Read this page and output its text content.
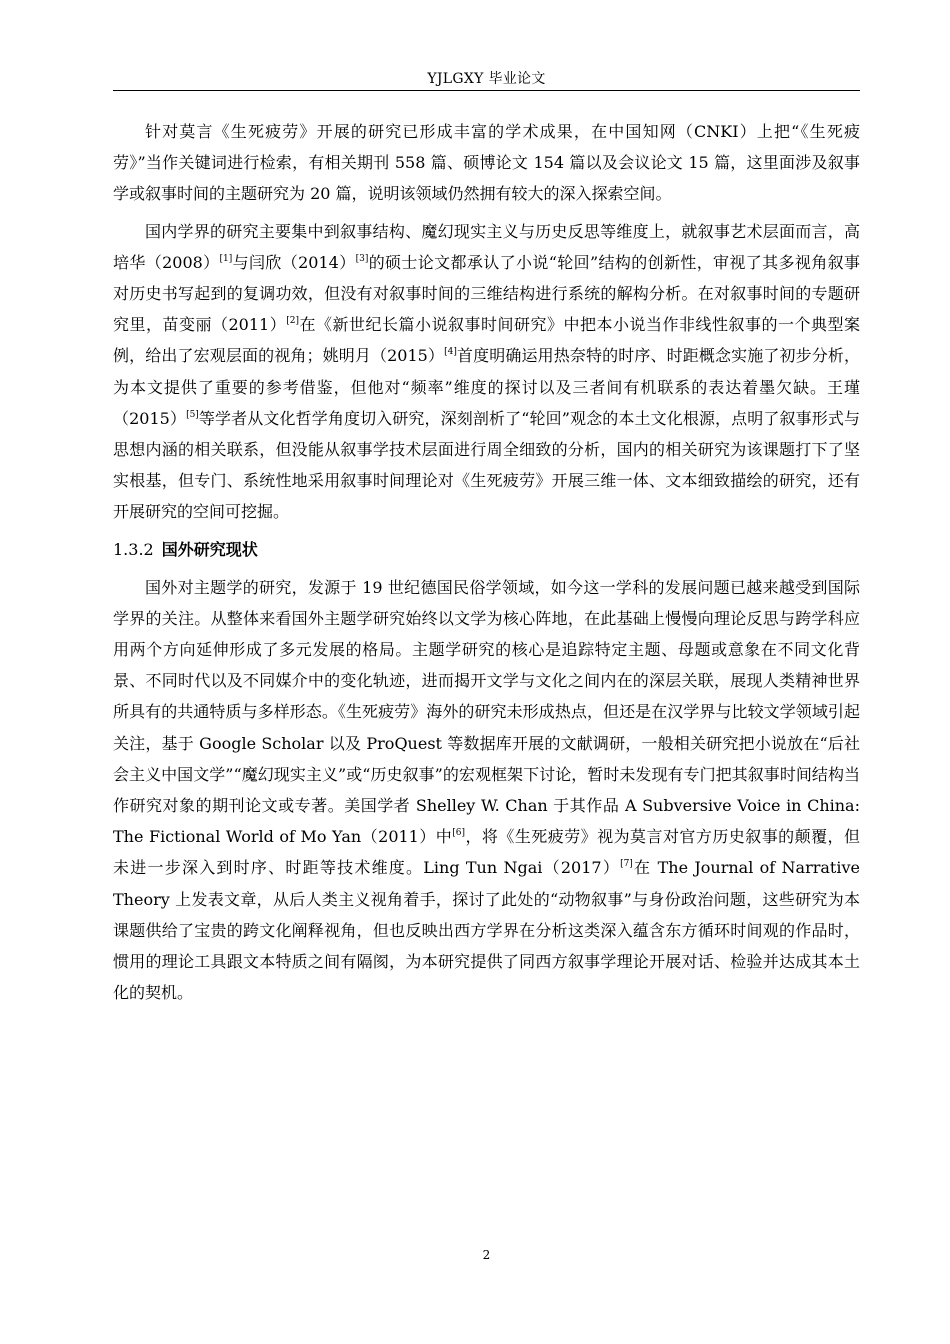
YJLGXY 毕业论文

针对莫言《生死疲劳》开展的研究已形成丰富的学术成果，在中国知网（CNKI）上把“《生死疲劳》”当作关键词进行检索，有相关期刊 558 篇、硕博论文 154 篇以及会议论文 15 篇，这里面涉及叙事学或叙事时间的主题研究为 20 篇，说明该领域仍然拥有较大的深入探索空间。

国内学界的研究主要集中到叙事结构、魔幻现实主义与历史反思等维度上，就叙事艺术层面而言，高培华（2008）[1]与闫欣（2014）[3]的硕士论文都承认了小说“轮回”结构的创新性，审视了其多视角叙事对历史书写起到的复调功效，但没有对叙事时间的三维结构进行系统的解构分析。在对叙事时间的专题研究里，苗变丽（2011）[2]在《新世纪长篇小说叙事时间研究》中把本小说当作非线性叙事的一个典型案例，给出了宏观层面的视角；姚明月（2015）[4]首度明确运用热奈特的时序、时距概念实施了初步分析，为本文提供了重要的参考借鉴，但他对“频率”维度的探讨以及三者间有机联系的表达着墨欠缺。王瑾（2015）[5]等学者从文化哲学角度切入研究，深刻剖析了“轮回”观念的本土文化根源，点明了叙事形式与思想内涵的相关联系，但没能从叙事学技术层面进行周全细致的分析，国内的相关研究为该课题打下了坚实根基，但专门、系统性地采用叙事时间理论对《生死疲劳》开展三维一体、文本细致描绘的研究，还有开展研究的空间可挖掘。

1.3.2 国外研究现状

国外对主题学的研究，发源于 19 世纪德国民俗学领域，如今这一学科的发展问题已越来越受到国际学界的关注。从整体来看国外主题学研究始终以文学为核心阵地，在此基础上慢慢向理论反思与跨学科应用两个方向延伸形成了多元发展的格局。主题学研究的核心是追踪特定主题、母题或意象在不同文化背景、不同时代以及不同媒介中的变化轨迹，进而揭开文学与文化之间内在的深层关联，展现人类精神世界所具有的共通特质与多样形态。《生死疲劳》海外的研究未形成热点，但还是在汉学界与比较文学领域引起关注，基于 Google Scholar 以及 ProQuest 等数据库开展的文献调研，一般相关研究把小说放在“后社会主义中国文学”“魔幻现实主义”或“历史叙事”的宏观框架下讨论，暂时未发现有专门把其叙事时间结构当作研究对象的期刊论文或专著。美国学者 Shelley W. Chan 于其作品 A Subversive Voice in China: The Fictional World of Mo Yan（2011）中[6]，将《生死疲劳》视为莫言对官方历史叙事的颠覆，但未进一步深入到时序、时距等技术维度。Ling Tun Ngai（2017）[7]在 The Journal of Narrative Theory 上发表文章，从后人类主义视角着手，探讨了此处的“动物叙事”与身份政治问题，这些研究为本课题供给了宝贵的跨文化阐释视角，但也反映出西方学界在分析这类深入蕴含东方循环时间观的作品时，惯用的理论工具跟文本特质之间有隔阂，为本研究提供了同西方叙事学理论开展对话、检验并达成其本土化的契机。

2
